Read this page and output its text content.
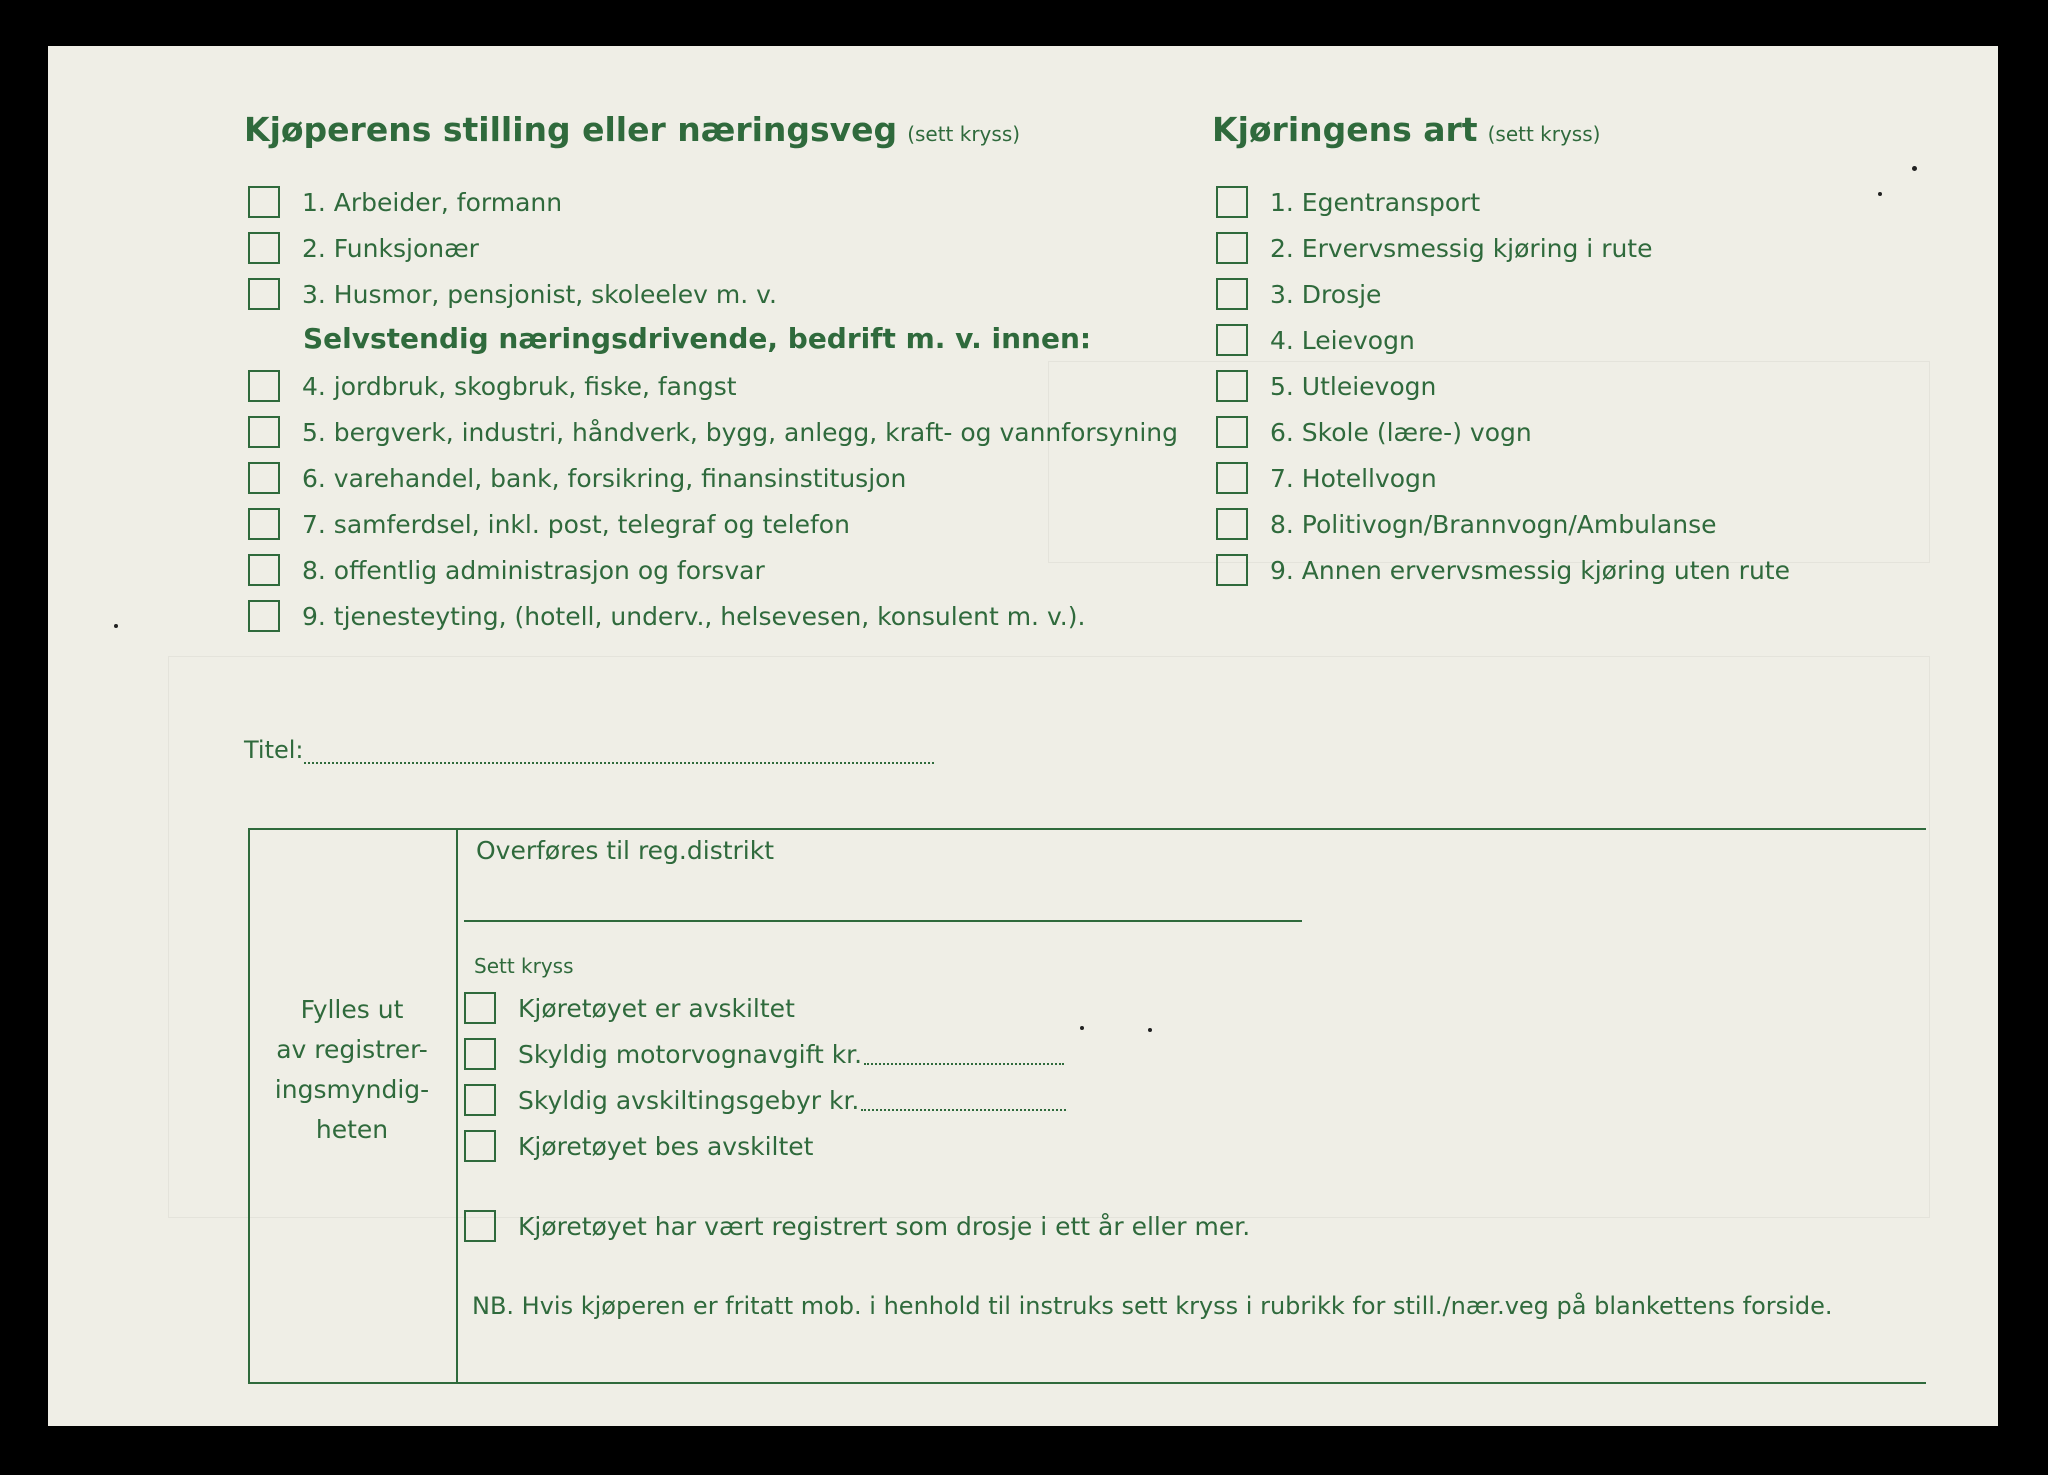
Kjøperens stilling eller næringsveg (sett kryss)
1. Arbeider, formann
2. Funksjonær
3. Husmor, pensjonist, skoleelev m. v.
Selvstendig næringsdrivende, bedrift m. v. innen:
4. jordbruk, skogbruk, fiske, fangst
5. bergverk, industri, håndverk, bygg, anlegg, kraft- og vannforsyning
6. varehandel, bank, forsikring, finansinstitusjon
7. samferdsel, inkl. post, telegraf og telefon
8. offentlig administrasjon og forsvar
9. tjenesteyting, (hotell, underv., helsevesen, konsulent m. v.).
Titel:
Kjøringens art (sett kryss)
1. Egentransport
2. Ervervsmessig kjøring i rute
3. Drosje
4. Leievogn
5. Utleievogn
6. Skole (lære-) vogn
7. Hotellvogn
8. Politivogn/Brannvogn/Ambulanse
9. Annen ervervsmessig kjøring uten rute
Fylles ut
av registrer-
ingsmyndig-
heten
Overføres til reg.distrikt
Sett kryss
Kjøretøyet er avskiltet
Skyldig motorvognavgift kr.
Skyldig avskiltingsgebyr kr.
Kjøretøyet bes avskiltet
Kjøretøyet har vært registrert som drosje i ett år eller mer.
NB. Hvis kjøperen er fritatt mob. i henhold til instruks sett kryss i rubrikk for still./nær.veg på blankettens forside.
